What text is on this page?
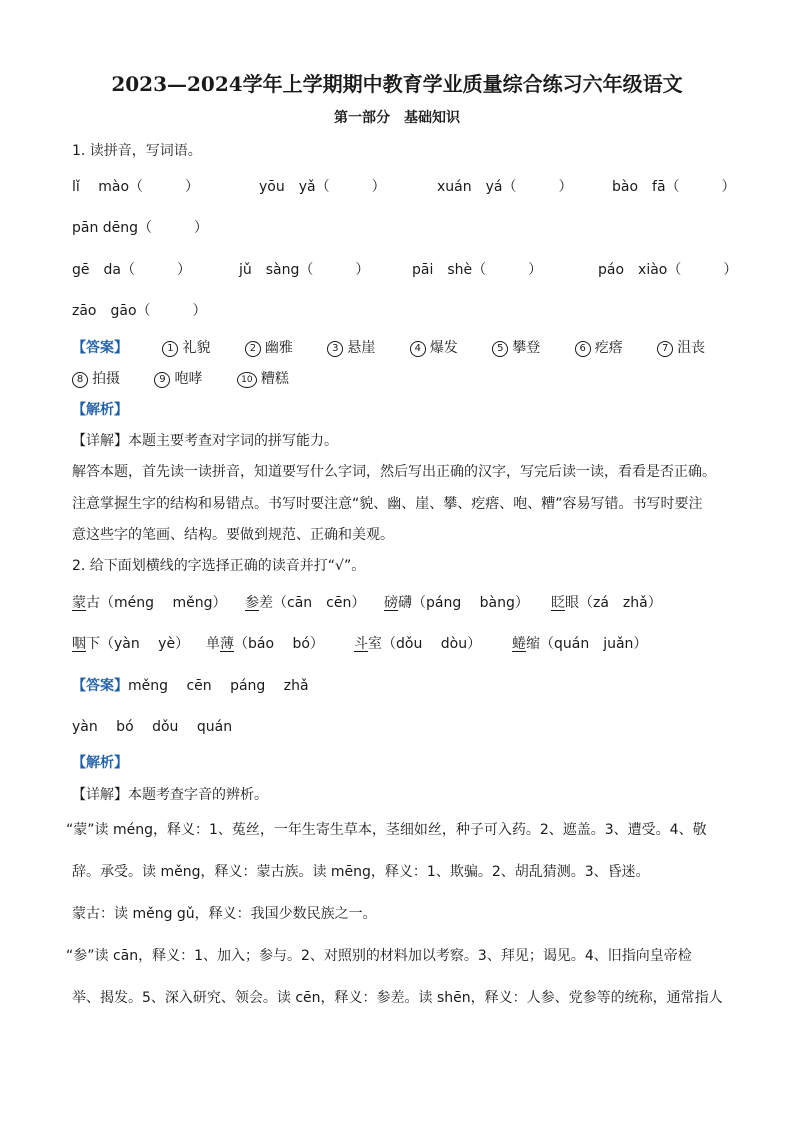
2023—2024学年上学期期中教育学业质量综合练习六年级语文
第一部分　基础知识
1. 读拼音，写词语。
lǐ　 mào（　　　）	yōu　yǎ（　　　）	xuán　yá（　　　）	bào　fā（　　　）
pān dēng（　　　）
gē　da（　　　）	jǔ　sàng（　　　）	pāi　shè（　　　）	páo　xiào（　　　）
zāo　gāo（　　　）
【答案】	1 礼貌	2 幽雅	3 悬崖	4 爆发	5 攀登	6 疙瘩	7 沮丧
8 拍摄	9 咆哮	10 糟糕
【解析】
【详解】本题主要考查对字词的拼写能力。
解答本题，首先读一读拼音，知道要写什么字词，然后写出正确的汉字，写完后读一读，看看是否正确。
注意掌握生字的结构和易错点。书写时要注意“貌、幽、崖、攀、疙瘩、咆、糟”容易写错。书写时要注
意这些字的笔画、结构。要做到规范、正确和美观。
2. 给下面划横线的字选择正确的读音并打“√”。
蒙古（méng　 měng） 参差（cān　cēn） 磅礴（páng　 bàng） 眨眼（zá　zhǎ）
咽下（yàn　 yè） 单薄（báo　 bó） 斗室（dǒu　 dòu） 蜷缩（quán　juǎn）
【答案】měng　 cēn　 páng　 zhǎ
yàn　 bó　 dǒu　 quán
【解析】
【详解】本题考查字音的辨析。
“蒙”读 méng，释义：1、菟丝，一年生寄生草本，茎细如丝，种子可入药。2、遮盖。3、遭受。4、敬
辞。承受。读 měng，释义：蒙古族。读 mēng，释义：1、欺骗。2、胡乱猜测。3、昏迷。
蒙古：读 měng gǔ，释义：我国少数民族之一。
“参”读 cān，释义：1、加入；参与。2、对照别的材料加以考察。3、拜见；谒见。4、旧指向皇帝检
举、揭发。5、深入研究、领会。读 cēn，释义：参差。读 shēn，释义：人参、党参等的统称，通常指人
